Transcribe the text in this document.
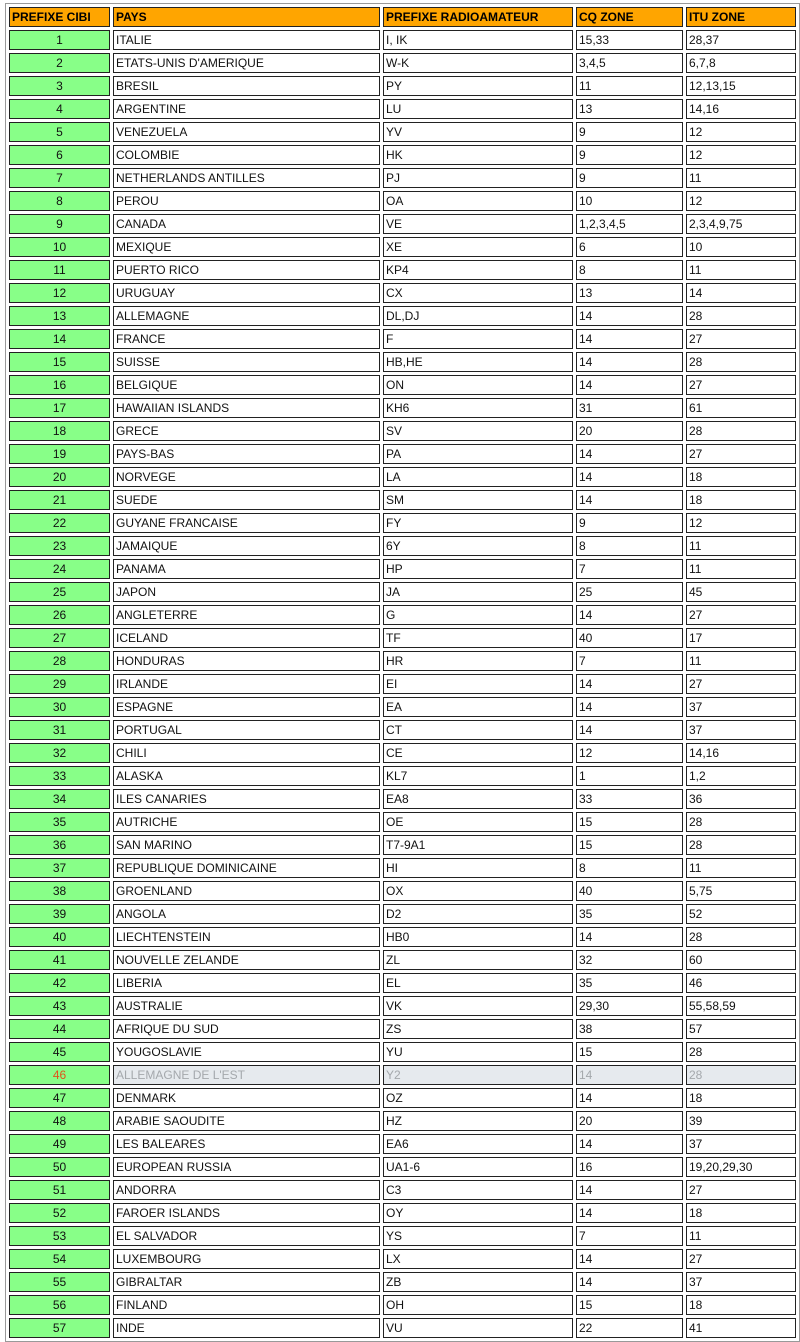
PREFIXE CIBI	PAYS	PREFIXE RADIOAMATEUR	CQ ZONE	ITU ZONE
1	ITALIE	I, IK	15,33	28,37
2	ETATS-UNIS D'AMERIQUE	W-K	3,4,5	6,7,8
3	BRESIL	PY	11	12,13,15
4	ARGENTINE	LU	13	14,16
5	VENEZUELA	YV	9	12
6	COLOMBIE	HK	9	12
7	NETHERLANDS ANTILLES	PJ	9	11
8	PEROU	OA	10	12
9	CANADA	VE	1,2,3,4,5	2,3,4,9,75
10	MEXIQUE	XE	6	10
11	PUERTO RICO	KP4	8	11
12	URUGUAY	CX	13	14
13	ALLEMAGNE	DL,DJ	14	28
14	FRANCE	F	14	27
15	SUISSE	HB,HE	14	28
16	BELGIQUE	ON	14	27
17	HAWAIIAN ISLANDS	KH6	31	61
18	GRECE	SV	20	28
19	PAYS-BAS	PA	14	27
20	NORVEGE	LA	14	18
21	SUEDE	SM	14	18
22	GUYANE FRANCAISE	FY	9	12
23	JAMAIQUE	6Y	8	11
24	PANAMA	HP	7	11
25	JAPON	JA	25	45
26	ANGLETERRE	G	14	27
27	ICELAND	TF	40	17
28	HONDURAS	HR	7	11
29	IRLANDE	EI	14	27
30	ESPAGNE	EA	14	37
31	PORTUGAL	CT	14	37
32	CHILI	CE	12	14,16
33	ALASKA	KL7	1	1,2
34	ILES CANARIES	EA8	33	36
35	AUTRICHE	OE	15	28
36	SAN MARINO	T7-9A1	15	28
37	REPUBLIQUE DOMINICAINE	HI	8	11
38	GROENLAND	OX	40	5,75
39	ANGOLA	D2	35	52
40	LIECHTENSTEIN	HB0	14	28
41	NOUVELLE ZELANDE	ZL	32	60
42	LIBERIA	EL	35	46
43	AUSTRALIE	VK	29,30	55,58,59
44	AFRIQUE DU SUD	ZS	38	57
45	YOUGOSLAVIE	YU	15	28
46	ALLEMAGNE DE L'EST	Y2	14	28
47	DENMARK	OZ	14	18
48	ARABIE SAOUDITE	HZ	20	39
49	LES BALEARES	EA6	14	37
50	EUROPEAN RUSSIA	UA1-6	16	19,20,29,30
51	ANDORRA	C3	14	27
52	FAROER ISLANDS	OY	14	18
53	EL SALVADOR	YS	7	11
54	LUXEMBOURG	LX	14	27
55	GIBRALTAR	ZB	14	37
56	FINLAND	OH	15	18
57	INDE	VU	22	41
